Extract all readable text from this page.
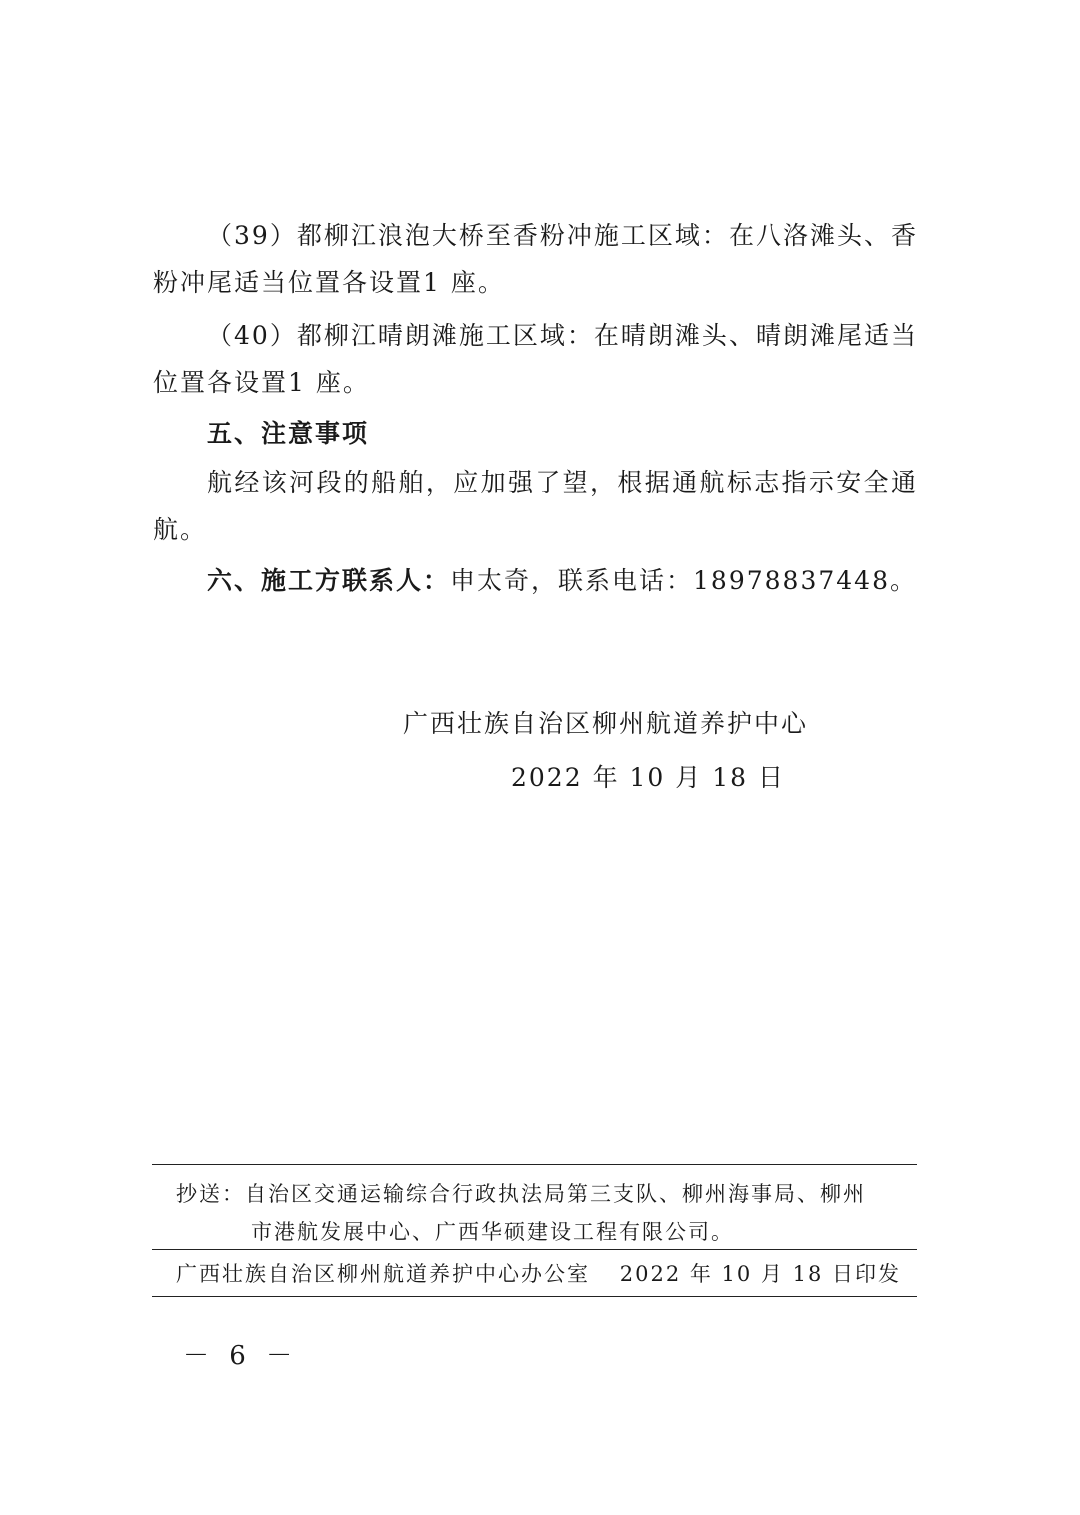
（39）都柳江浪泡大桥至香粉冲施工区域：在八洛滩头、香粉冲尾适当位置各设置1 座。

（40）都柳江晴朗滩施工区域：在晴朗滩头、晴朗滩尾适当位置各设置1 座。

五、注意事项

航经该河段的船舶，应加强了望，根据通航标志指示安全通航。

六、施工方联系人：申太奇，联系电话：18978837448。
广西壮族自治区柳州航道养护中心
2022 年 10 月 18 日
抄送：自治区交通运输综合行政执法局第三支队、柳州海事局、柳州
市港航发展中心、广西华硕建设工程有限公司。
广西壮族自治区柳州航道养护中心办公室 2022 年 10 月 18 日印发
－ 6 －
